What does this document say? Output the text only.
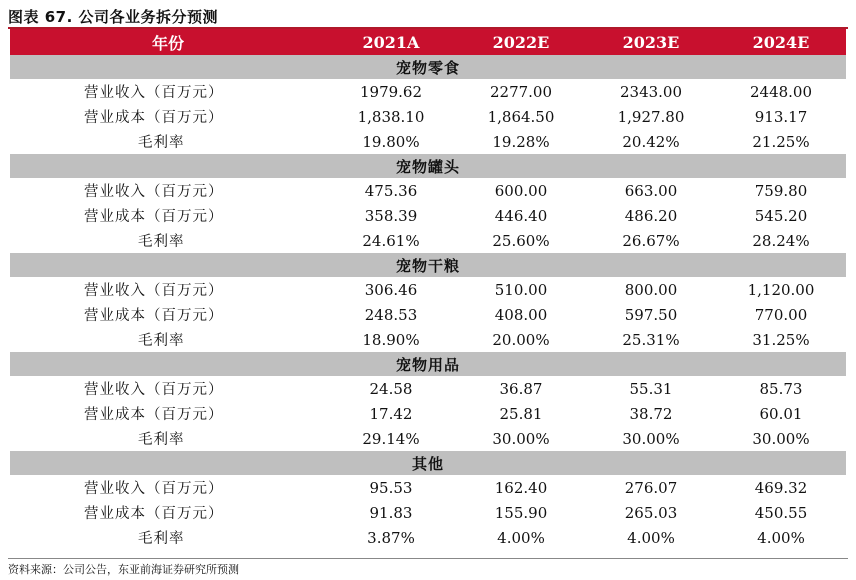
图表 67. 公司各业务拆分预测
年份	2021A	2022E	2023E	2024E
宠物零食				
营业收入（百万元）	1979.62	2277.00	2343.00	2448.00
营业成本（百万元）	1,838.10	1,864.50	1,927.80	913.17
毛利率	19.80%	19.28%	20.42%	21.25%
宠物罐头				
营业收入（百万元）	475.36	600.00	663.00	759.80
营业成本（百万元）	358.39	446.40	486.20	545.20
毛利率	24.61%	25.60%	26.67%	28.24%
宠物干粮				
营业收入（百万元）	306.46	510.00	800.00	1,120.00
营业成本（百万元）	248.53	408.00	597.50	770.00
毛利率	18.90%	20.00%	25.31%	31.25%
宠物用品				
营业收入（百万元）	24.58	36.87	55.31	85.73
营业成本（百万元）	17.42	25.81	38.72	60.01
毛利率	29.14%	30.00%	30.00%	30.00%
其他				
营业收入（百万元）	95.53	162.40	276.07	469.32
营业成本（百万元）	91.83	155.90	265.03	450.55
毛利率	3.87%	4.00%	4.00%	4.00%
资料来源：公司公告，东亚前海证券研究所预测
